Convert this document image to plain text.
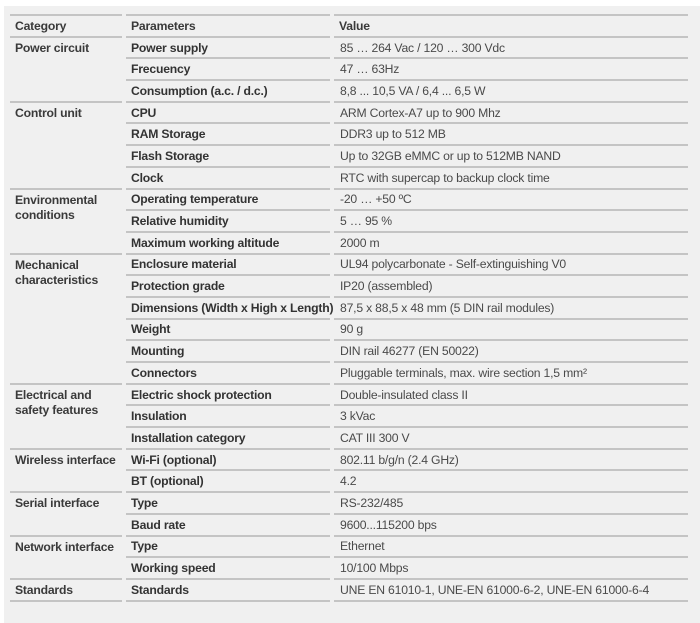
Category	Parameters	Value
Power circuit	Power supply	85 … 264 Vac / 120 … 300 Vdc
	Frecuency	47 … 63Hz
	Consumption (a.c. / d.c.)	8,8 ... 10,5 VA / 6,4 ... 6,5 W
Control unit	CPU	ARM Cortex-A7 up to 900 Mhz
	RAM Storage	DDR3 up to 512 MB
	Flash Storage	Up to 32GB eMMC or up to 512MB NAND
	Clock	RTC with supercap to backup clock time
Environmental conditions	Operating temperature	-20 … +50 ºC
	Relative humidity	5 … 95 %
	Maximum working altitude	2000 m
Mechanical characteristics	Enclosure material	UL94 polycarbonate - Self-extinguishing V0
	Protection grade	IP20 (assembled)
	Dimensions (Width x High x Length)	87,5 x 88,5 x 48 mm (5 DIN rail modules)
	Weight	90 g
	Mounting	DIN rail 46277 (EN 50022)
	Connectors	Pluggable terminals, max. wire section 1,5 mm²
Electrical and safety features	Electric shock protection	Double-insulated class II
	Insulation	3 kVac
	Installation category	CAT III 300 V
Wireless interface	Wi-Fi (optional)	802.11 b/g/n (2.4 GHz)
	BT (optional)	4.2
Serial interface	Type	RS-232/485
	Baud rate	9600...115200 bps
Network interface	Type	Ethernet
	Working speed	10/100 Mbps
Standards	Standards	UNE EN 61010-1, UNE-EN 61000-6-2, UNE-EN 61000-6-4
